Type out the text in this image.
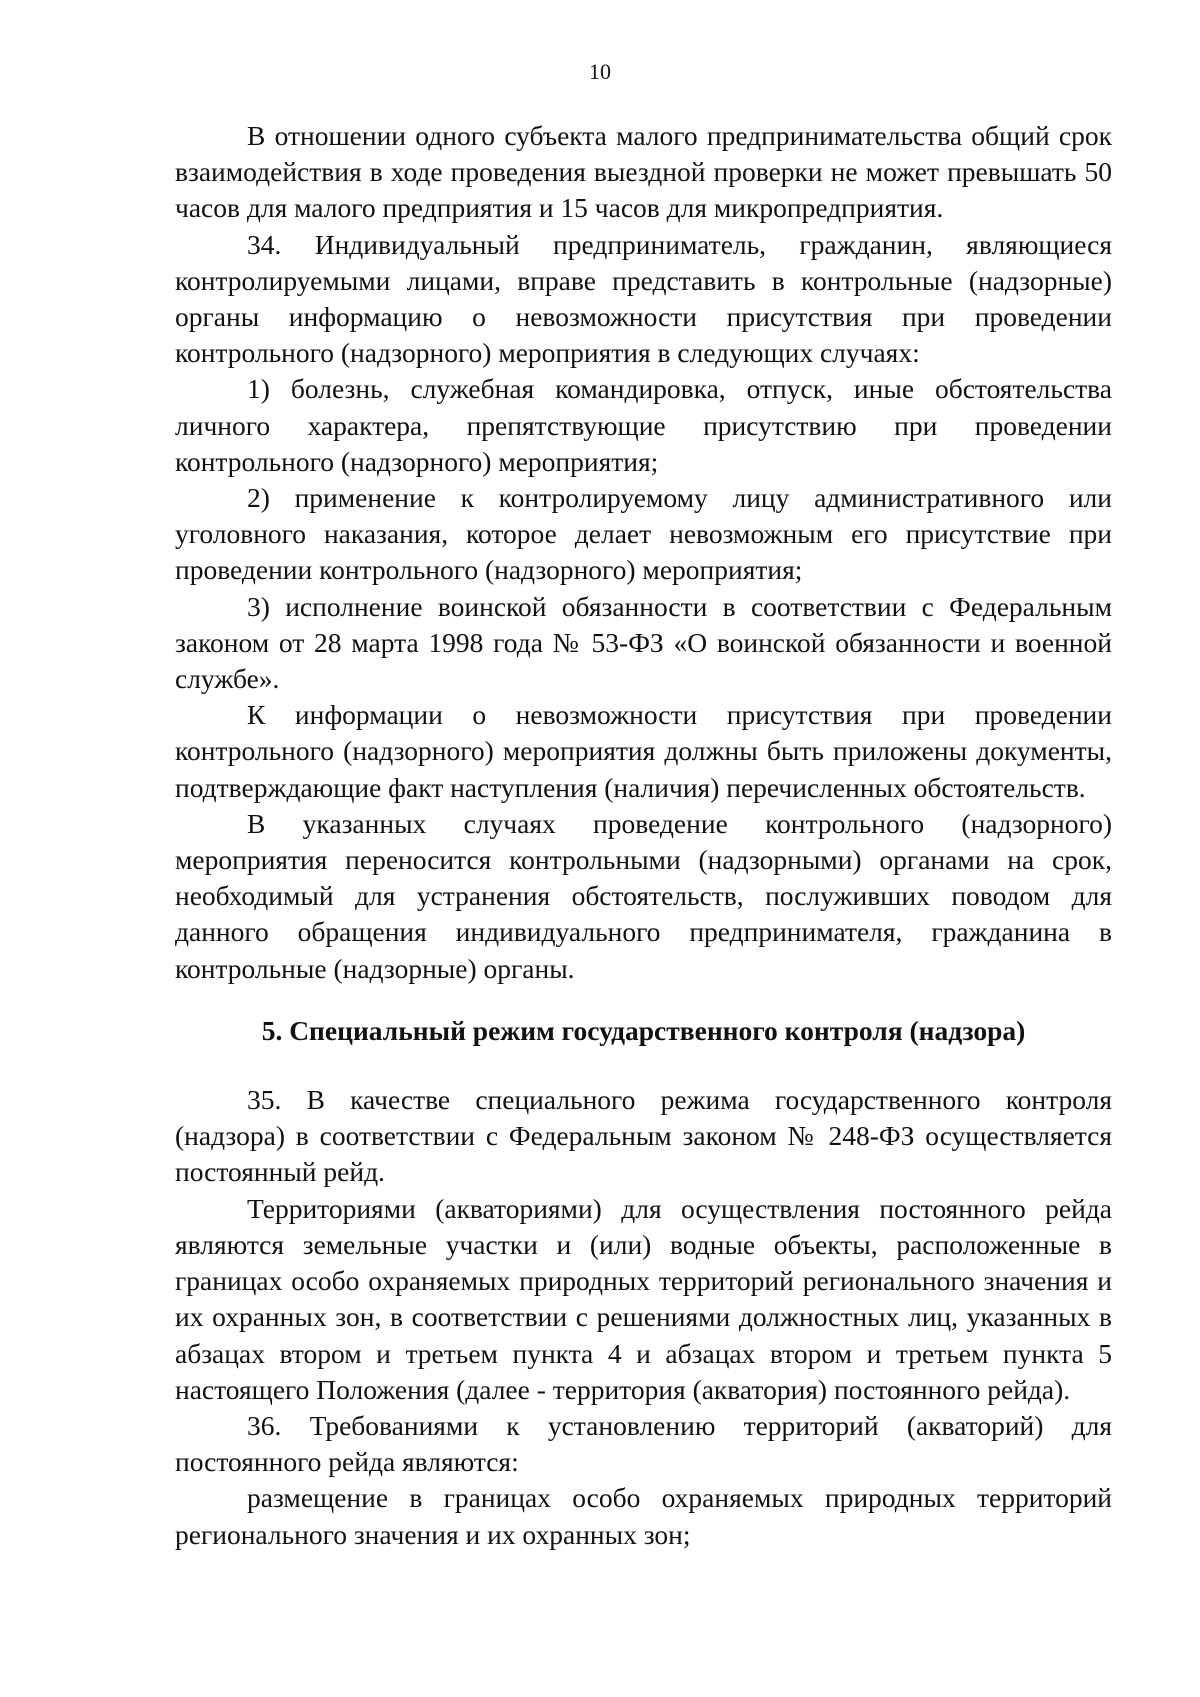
10

В отношении одного субъекта малого предпринимательства общий срок взаимодействия в ходе проведения выездной проверки не может превышать 50 часов для малого предприятия и 15 часов для микропредприятия.

34. Индивидуальный предприниматель, гражданин, являющиеся контролируемыми лицами, вправе представить в контрольные (надзорные) органы информацию о невозможности присутствия при проведении контрольного (надзорного) мероприятия в следующих случаях:

1) болезнь, служебная командировка, отпуск, иные обстоятельства личного характера, препятствующие присутствию при проведении контрольного (надзорного) мероприятия;

2) применение к контролируемому лицу административного или уголовного наказания, которое делает невозможным его присутствие при проведении контрольного (надзорного) мероприятия;

3) исполнение воинской обязанности в соответствии с Федеральным законом от 28 марта 1998 года № 53-ФЗ «О воинской обязанности и военной службе».

К информации о невозможности присутствия при проведении контрольного (надзорного) мероприятия должны быть приложены документы, подтверждающие факт наступления (наличия) перечисленных обстоятельств.

В указанных случаях проведение контрольного (надзорного) мероприятия переносится контрольными (надзорными) органами на срок, необходимый для устранения обстоятельств, послуживших поводом для данного обращения индивидуального предпринимателя, гражданина в контрольные (надзорные) органы.

5. Специальный режим государственного контроля (надзора)

35. В качестве специального режима государственного контроля (надзора) в соответствии с Федеральным законом № 248-ФЗ осуществляется постоянный рейд.

Территориями (акваториями) для осуществления постоянного рейда являются земельные участки и (или) водные объекты, расположенные в границах особо охраняемых природных территорий регионального значения и их охранных зон, в соответствии с решениями должностных лиц, указанных в абзацах втором и третьем пункта 4 и абзацах втором и третьем пункта 5 настоящего Положения (далее - территория (акватория) постоянного рейда).

36. Требованиями к установлению территорий (акваторий) для постоянного рейда являются:

размещение в границах особо охраняемых природных территорий регионального значения и их охранных зон;
